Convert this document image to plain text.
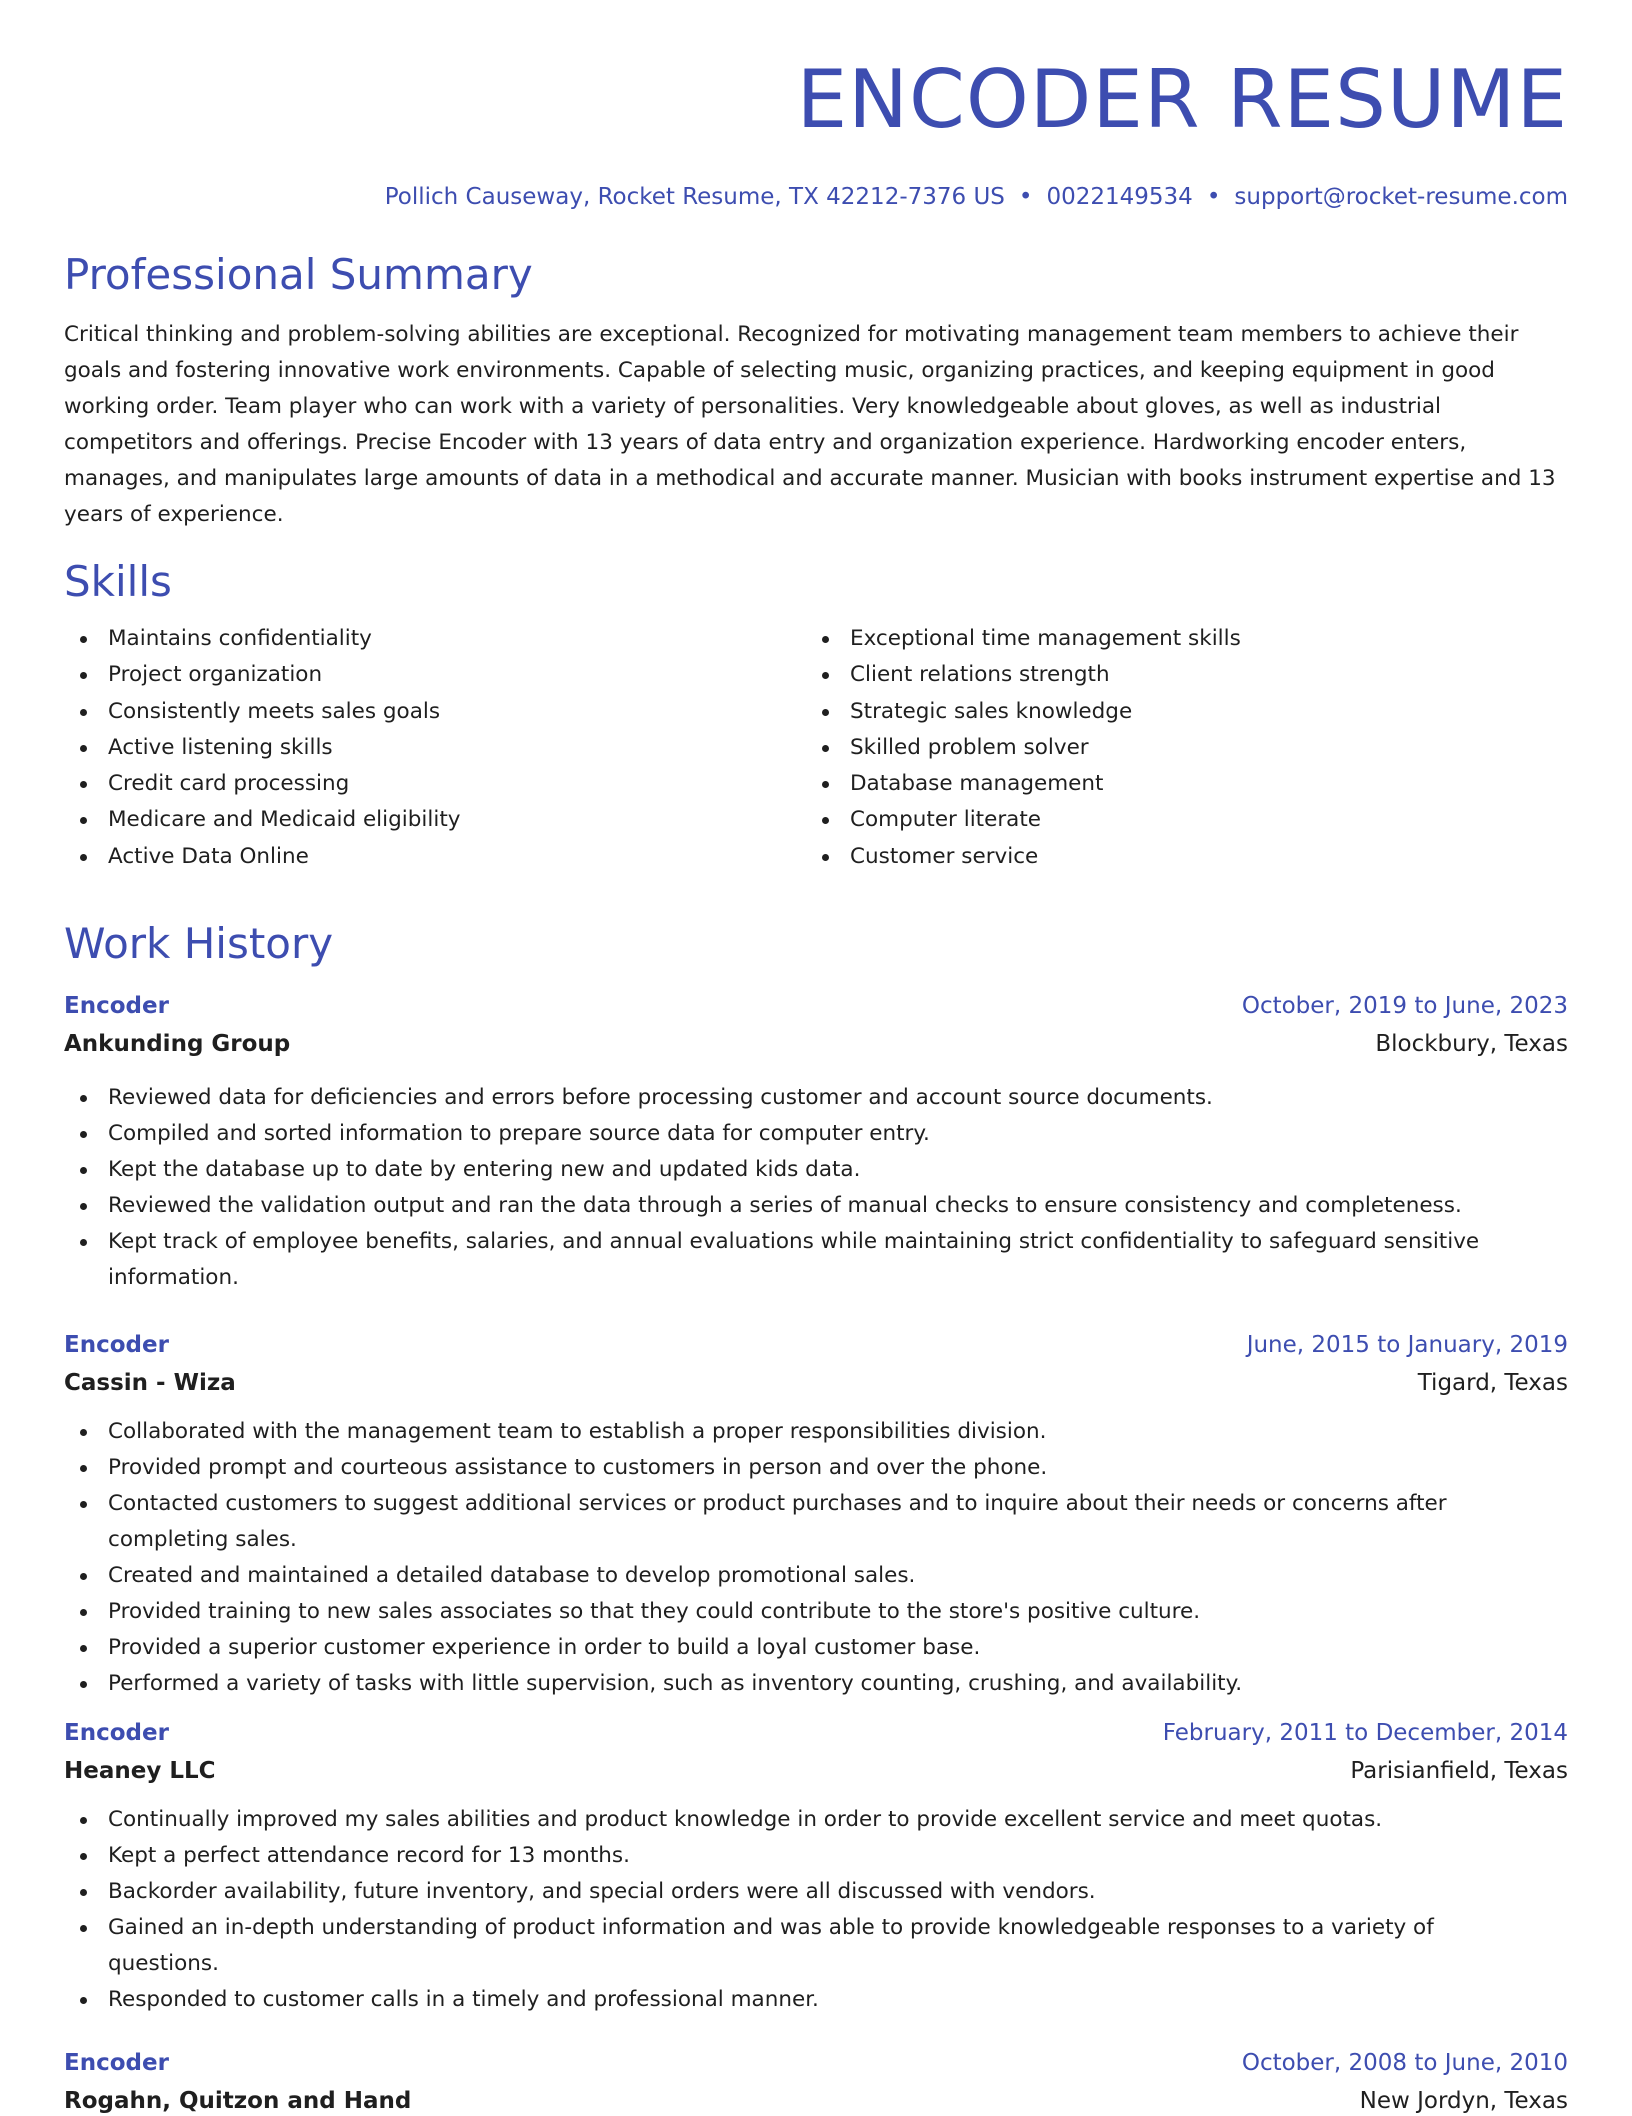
ENCODER RESUME
Pollich Causeway, Rocket Resume, TX 42212-7376 US • 0022149534 • support@rocket-resume.com
Professional Summary
Critical thinking and problem-solving abilities are exceptional. Recognized for motivating management team members to achieve their goals and fostering innovative work environments. Capable of selecting music, organizing practices, and keeping equipment in good working order. Team player who can work with a variety of personalities. Very knowledgeable about gloves, as well as industrial competitors and offerings. Precise Encoder with 13 years of data entry and organization experience. Hardworking encoder enters, manages, and manipulates large amounts of data in a methodical and accurate manner. Musician with books instrument expertise and 13 years of experience.
Skills
Maintains confidentiality
Project organization
Consistently meets sales goals
Active listening skills
Credit card processing
Medicare and Medicaid eligibility
Active Data Online
Exceptional time management skills
Client relations strength
Strategic sales knowledge
Skilled problem solver
Database management
Computer literate
Customer service
Work History
Encoder	October, 2019 to June, 2023
Ankunding Group	Blockbury, Texas
Reviewed data for deficiencies and errors before processing customer and account source documents.
Compiled and sorted information to prepare source data for computer entry.
Kept the database up to date by entering new and updated kids data.
Reviewed the validation output and ran the data through a series of manual checks to ensure consistency and completeness.
Kept track of employee benefits, salaries, and annual evaluations while maintaining strict confidentiality to safeguard sensitive information.
Encoder	June, 2015 to January, 2019
Cassin - Wiza	Tigard, Texas
Collaborated with the management team to establish a proper responsibilities division.
Provided prompt and courteous assistance to customers in person and over the phone.
Contacted customers to suggest additional services or product purchases and to inquire about their needs or concerns after completing sales.
Created and maintained a detailed database to develop promotional sales.
Provided training to new sales associates so that they could contribute to the store's positive culture.
Provided a superior customer experience in order to build a loyal customer base.
Performed a variety of tasks with little supervision, such as inventory counting, crushing, and availability.
Encoder	February, 2011 to December, 2014
Heaney LLC	Parisianfield, Texas
Continually improved my sales abilities and product knowledge in order to provide excellent service and meet quotas.
Kept a perfect attendance record for 13 months.
Backorder availability, future inventory, and special orders were all discussed with vendors.
Gained an in-depth understanding of product information and was able to provide knowledgeable responses to a variety of questions.
Responded to customer calls in a timely and professional manner.
Encoder	October, 2008 to June, 2010
Rogahn, Quitzon and Hand	New Jordyn, Texas
